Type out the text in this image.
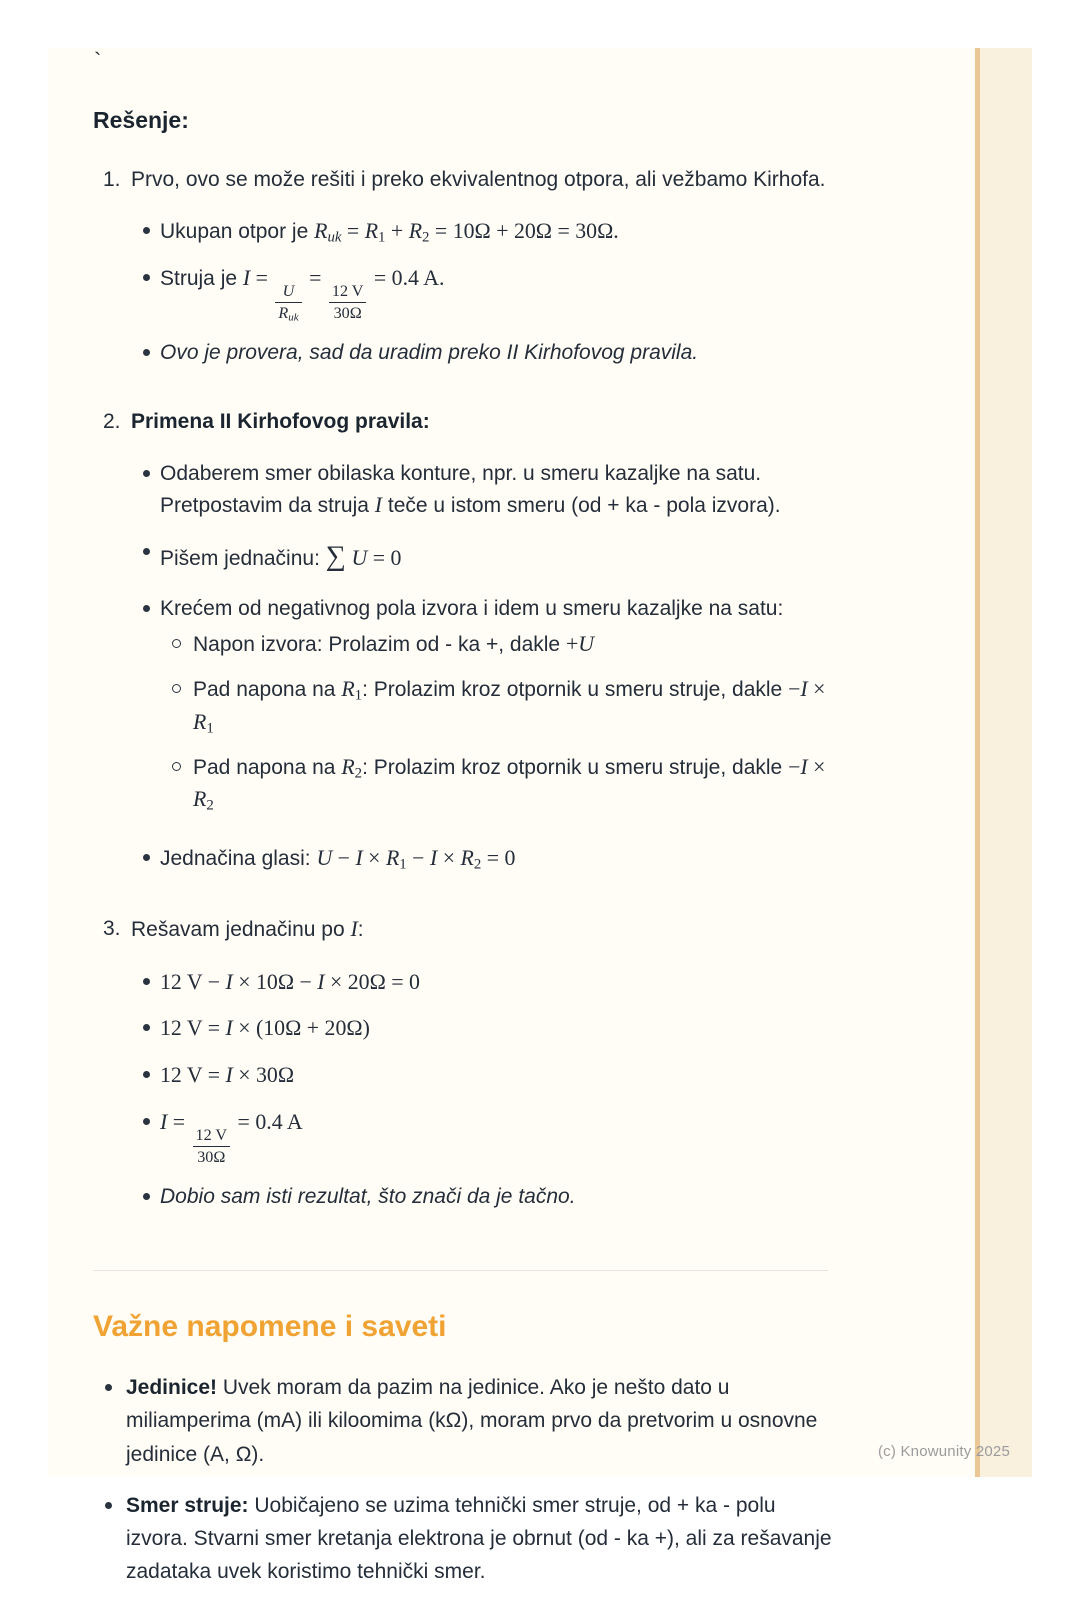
`
Rešenje:
1. Prvo, ovo se može rešiti i preko ekvivalentnog otpora, ali vežbamo Kirhofa.

Ukupan otpor je $R_{uk} = R_1 + R_2 = 10\Omega + 20\Omega = 30\Omega$.
Struja je I =
U
$R_{uk}$
=
$\frac{12 V}{30\Omega}$
= 0.4 A.
Ovo je provera, sad da uradim preko II Kirhofovog pravila.
2. Primena II Kirhofovog pravila:

Odaberem smer obilaska konture, npr. u smeru kazaljke na satu. Pretpostavim da struja I teče u istom smeru (od + ka - pola izvora).
Pišem jednačinu: ∑ U = 0
Krećem od negativnog pola izvora i idem u smeru kazaljke na satu:
Napon izvora: Prolazim od - ka +, dakle +U
Pad napona na $R_1$: Prolazim kroz otpornik u smeru struje, dakle $-I \times R_1$
Pad napona na $R_2$: Prolazim kroz otpornik u smeru struje, dakle $-I \times R_2$
Jednačina glasi: $U - I \times R_1 - I \times R_2 = 0$
3. Rešavam jednačinu po I:

12 V − I × 10Ω − I × 20Ω = 0
12 V = I × (10Ω + 20Ω)
12 V = I × 30Ω
I =
$\frac{12 V}{30\Omega}$
= 0.4 A
Dobio sam isti rezultat, što znači da je tačno.
Važne napomene i saveti
Jedinice! Uvek moram da pazim na jedinice. Ako je nešto dato u miliamperima (mA) ili kiloomima (kΩ), moram prvo da pretvorim u osnovne jedinice (A, Ω).
Smer struje: Uobičajeno se uzima tehnički smer struje, od + ka - polu izvora. Stvarni smer kretanja elektrona je obrnut (od - ka +), ali za rešavanje zadataka uvek koristimo tehnički smer.
(c) Knowunity 2025
